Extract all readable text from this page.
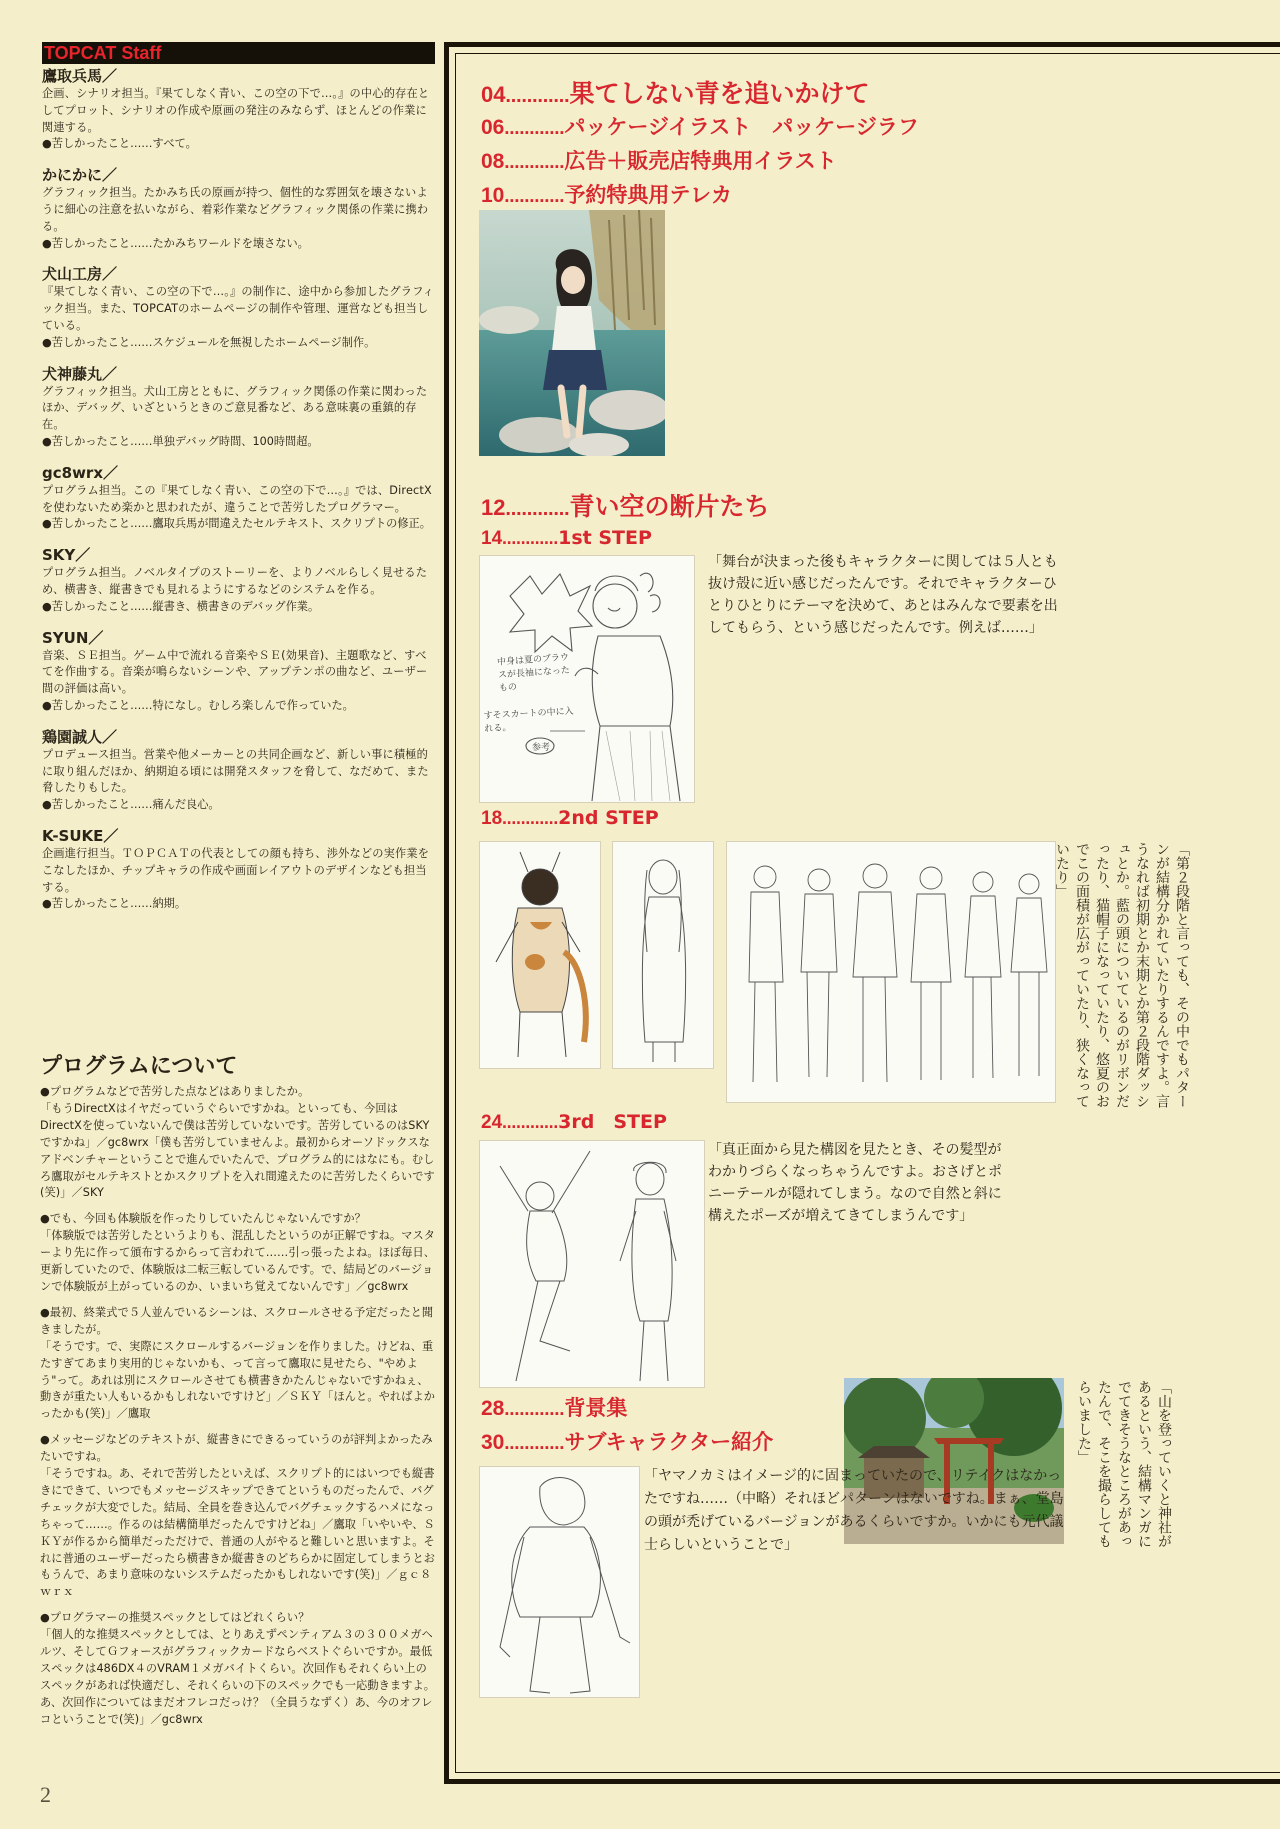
TOPCAT Staff
鷹取兵馬／
企画、シナリオ担当。『果てしなく青い、この空の下で…。』の中心的存在としてプロット、シナリオの作成や原画の発注のみならず、ほとんどの作業に関連する。
●苦しかったこと……すべて。
かにかに／
グラフィック担当。たかみち氏の原画が持つ、個性的な雰囲気を壊さないように細心の注意を払いながら、着彩作業などグラフィック関係の作業に携わる。
●苦しかったこと……たかみちワールドを壊さない。
犬山工房／
『果てしなく青い、この空の下で…。』の制作に、途中から参加したグラフィック担当。また、TOPCATのホームページの制作や管理、運営なども担当している。
●苦しかったこと……スケジュールを無視したホームページ制作。
犬神藤丸／
グラフィック担当。犬山工房とともに、グラフィック関係の作業に関わったほか、デバッグ、いざというときのご意見番など、ある意味裏の重鎮的存在。
●苦しかったこと……単独デバッグ時間、100時間超。
gc8wrx／
プログラム担当。この『果てしなく青い、この空の下で…。』では、DirectXを使わないため楽かと思われたが、違うことで苦労したプログラマー。
●苦しかったこと……鷹取兵馬が間違えたセルテキスト、スクリプトの修正。
SKY／
プログラム担当。ノベルタイプのストーリーを、よりノベルらしく見せるため、横書き、縦書きでも見れるようにするなどのシステムを作る。
●苦しかったこと……縦書き、横書きのデバッグ作業。
SYUN／
音楽、ＳＥ担当。ゲーム中で流れる音楽やＳＥ(効果音)、主題歌など、すべてを作曲する。音楽が鳴らないシーンや、アップテンポの曲など、ユーザー間の評価は高い。
●苦しかったこと……特になし。むしろ楽しんで作っていた。
鶏園誠人／
プロデュース担当。営業や他メーカーとの共同企画など、新しい事に積極的に取り組んだほか、納期迫る頃には開発スタッフを脅して、なだめて、また脅したりもした。
●苦しかったこと……痛んだ良心。
K-SUKE／
企画進行担当。ＴＯＰＣＡＴの代表としての顔も持ち、渉外などの実作業をこなしたほか、チップキャラの作成や画面レイアウトのデザインなども担当する。
●苦しかったこと……納期。
プログラムについて
●プログラムなどで苦労した点などはありましたか。
「もうDirectXはイヤだっていうぐらいですかね。といっても、今回はDirectXを使っていないんで僕は苦労していないです。苦労しているのはSKYですかね」／gc8wrx「僕も苦労していませんよ。最初からオーソドックスなアドベンチャーということで進んでいたんで、プログラム的にはなにも。むしろ鷹取がセルテキストとかスクリプトを入れ間違えたのに苦労したくらいです(笑)」／SKY
●でも、今回も体験版を作ったりしていたんじゃないんですか？
「体験版では苦労したというよりも、混乱したというのが正解ですね。マスターより先に作って頒布するからって言われて……引っ張ったよね。ほぼ毎日、更新していたので、体験版は二転三転しているんです。で、結局どのバージョンで体験版が上がっているのか、いまいち覚えてないんです」／gc8wrx
●最初、終業式で５人並んでいるシーンは、スクロールさせる予定だったと聞きましたが。
「そうです。で、実際にスクロールするバージョンを作りました。けどね、重たすぎてあまり実用的じゃないかも、って言って鷹取に見せたら、"やめよう"って。あれは別にスクロールさせても横書きかたんじゃないですかねぇ、動きが重たい人もいるかもしれないですけど」／ＳＫＹ「ほんと。やればよかったかも(笑)」／鷹取
●メッセージなどのテキストが、縦書きにできるっていうのが評判よかったみたいですね。
「そうですね。あ、それで苦労したといえば、スクリプト的にはいつでも縦書きにできて、いつでもメッセージスキップできてというものだったんで、バグチェックが大変でした。結局、全員を巻き込んでバグチェックするハメになっちゃって……。作るのは結構簡単だったんですけどね」／鷹取「いやいや、ＳＫＹが作るから簡単だっただけで、普通の人がやると難しいと思いますよ。それに普通のユーザーだったら横書きか縦書きのどちらかに固定してしまうとおもうんで、あまり意味のないシステムだったかもしれないです(笑)」／ｇｃ８ｗｒｘ
●プログラマーの推奨スペックとしてはどれくらい？
「個人的な推奨スペックとしては、とりあえずペンティアム３の３００メガヘルツ、そしてＧフォースがグラフィックカードならベストぐらいですか。最低スペックは486DX４のVRAM１メガバイトくらい。次回作もそれくらい上のスペックがあれば快適だし、それくらいの下のスペックでも一応動きますよ。あ、次回作についてはまだオフレコだっけ？（全員うなずく）あ、今のオフレコということで(笑)」／gc8wrx
2
04…………果てしない青を追いかけて
06…………パッケージイラスト　パッケージラフ
08…………広告＋販売店特典用イラスト
10…………予約特典用テレカ
12…………青い空の断片たち
14…………1st STEP
18…………2nd STEP
24…………3rd　STEP
28…………背景集
30…………サブキャラクター紹介
中身は夏のブラウスが長袖になったもの
すそスカートの中に入れる。
参考
「舞台が決まった後もキャラクターに関しては５人とも抜け殻に近い感じだったんです。それでキャラクターひとりひとりにテーマを決めて、あとはみんなで要素を出してもらう、という感じだったんです。例えば……」
「第２段階と言っても、その中でもパターンが結構分かれていたりするんですよ。言うなれば初期とか末期とか第２段階ダッシュとか。藍の頭についているのがリボンだったり、猫帽子になっていたり、悠夏のおでこの面積が広がっていたり、狭くなっていたり」
「真正面から見た構図を見たとき、その髪型がわかりづらくなっちゃうんですよ。おさげとポニーテールが隠れてしまう。なので自然と斜に構えたポーズが増えてきてしまうんです」
「山を登っていくと神社があるという、結構マンガにでてきそうなところがあったんで、そこを撮らしてもらいました」
「ヤマノカミはイメージ的に固まっていたので、リテイクはなかったですね……（中略）それほどパターンはないですね。まぁ、堂島の頭が禿げているバージョンがあるくらいですか。いかにも元代議士らしいということで」
